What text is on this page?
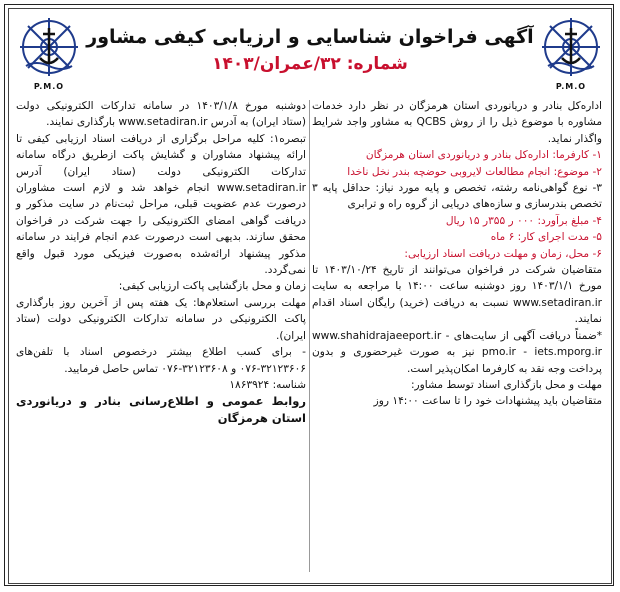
P.M.O
آگهی فراخوان شناسایی و ارزیابی کیفی مشاور
شماره: ۳۲/عمران/۱۴۰۳
P.M.O

اداره‌کل بنادر و دریانوردی استان هرمزگان در نظر دارد خدمات مشاوره با موضوع ذیل را از روش QCBS به مشاور واجد شرایط واگذار نماید.

۱- کارفرما: اداره‌کل بنادر و دریانوردی استان هرمزگان

۲- موضوع: انجام مطالعات لایروبی حوضچه بندر نخل ناخدا

۳- نوع گواهی‌نامه رشته، تخصص و پایه مورد نیاز: حداقل پایه ۳ تخصص بندرسازی و سازه‌های دریایی از گروه راه و ترابری

۴- مبلغ برآورد: ۰۰۰ ر ۳۵۵ر ۱۵ ریال

۵- مدت اجرای کار: ۶ ماه

۶- محل، زمان و مهلت دریافت اسناد ارزیابی:

متقاضیان شرکت در فراخوان می‌توانند از تاریخ ۱۴۰۳/۱۰/۲۴ تا مورخ ۱۴۰۳/۱/۱ روز دوشنبه ساعت ۱۴:۰۰ با مراجعه به سایت www.setadiran.ir نسبت به دریافت (خرید) رایگان اسناد اقدام نمایند.

*ضمناً دریافت آگهی از سایت‌های www.shahidrajaeeport.ir - pmo.ir - iets.mporg.ir نیز به صورت غیرحضوری و بدون پرداخت وجه نقد به کارفرما امکان‌پذیر است.

مهلت و محل بازگذاری اسناد توسط مشاور:

متقاضیان باید پیشنهادات خود را تا ساعت ۱۴:۰۰ روز

دوشنبه مورخ ۱۴۰۳/۱/۸ در سامانه تدارکات الکترونیکی دولت (ستاد ایران) به آدرس www.setadiran.ir بارگذاری نمایند.

تبصره۱: کلیه مراحل برگزاری از دریافت اسناد ارزیابی کیفی تا ارائه پیشنهاد مشاوران و گشایش پاکت ازطریق درگاه سامانه تدارکات الکترونیکی دولت (ستاد ایران) آدرس www.setadiran.ir انجام خواهد شد و لازم است مشاوران درصورت عدم عضویت قبلی، مراحل ثبت‌نام در سایت مذکور و دریافت گواهی امضای الکترونیکی را جهت شرکت در فراخوان محقق سازند. بدیهی است درصورت عدم انجام فرایند در سامانه مذکور پیشنهاد ارائه‌شده به‌صورت فیزیکی مورد قبول واقع نمی‌گردد.

زمان و محل بازگشایی پاکت ارزیابی کیفی:

مهلت بررسی استعلام‌ها: یک هفته پس از آخرین روز بارگذاری پاکت الکترونیکی در سامانه تدارکات الکترونیکی دولت (ستاد ایران).

- برای کسب اطلاع بیشتر درخصوص اسناد با تلفن‌های ۳۲۱۲۳۶۰۶-۰۷۶ و ۳۲۱۲۳۶۰۸-۰۷۶ تماس حاصل فرمایید.

شناسه: ۱۸۶۳۹۲۴

روابط عمومی و اطلاع‌رسانی بنادر و دریانوردی استان هرمزگان
